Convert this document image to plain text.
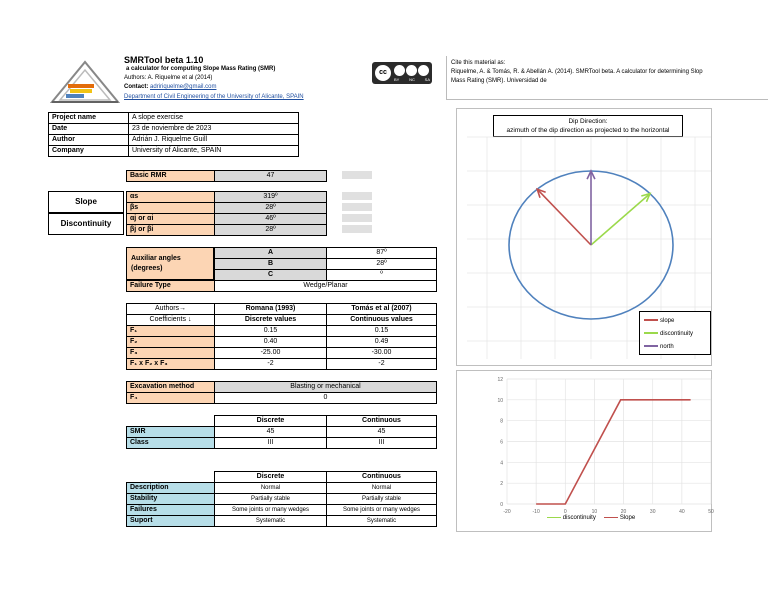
SMRTool beta 1.10
a calculator for computing Slope Mass Rating (SMR)
Authors: A. Riquelme et al (2014)
Contact: adririquelme@gmail.com
Department of Civil Engineering of the University of Alicante, SPAIN
cc
BY NC SA
Cite this material as:
Riquelme, A. & Tomás, R. & Abellán A. (2014). SMRTool beta. A calculator for determining Slop
Mass Rating (SMR). Universidad de
Project name	A slope exercise
Date	23 de noviembre de 2023
Author	Adrián J. Riquelme Guill
Company	University of Alicante, SPAIN
Basic RMR	47
Slope
Discontinuity
αs	319º
βs	28º
αj or αi	46º
βj or βi	28º
Auxiliar angles (degrees)
A	87º
B	28º
C	º
Failure Type	Wedge/Planar
Authors→	Romana (1993)	Tomás et al (2007)
Coefficients ↓	Discrete values	Continuous values
F₁	0.15	0.15
F₂	0.40	0.49
F₃	-25.00	-30.00
F₁ x F₂ x F₃	-2	-2
Excavation method	Blasting or mechanical
F₄	0
	Discrete	Continuous
SMR	45	45
Class	III	III
	Discrete	Continuous
Description	Normal	Normal
Stability	Partially stable	Partially stable
Failures	Some joints or many wedges	Some joints or many wedges
Suport	Systematic	Systematic
Dip Direction:
azimuth of the dip direction as projected to the horizontal
slope
discontinuity
north
0
2
4
6
8
10
12
-20	-10	0	10	20	30	40	50
discontinuity	Slope
